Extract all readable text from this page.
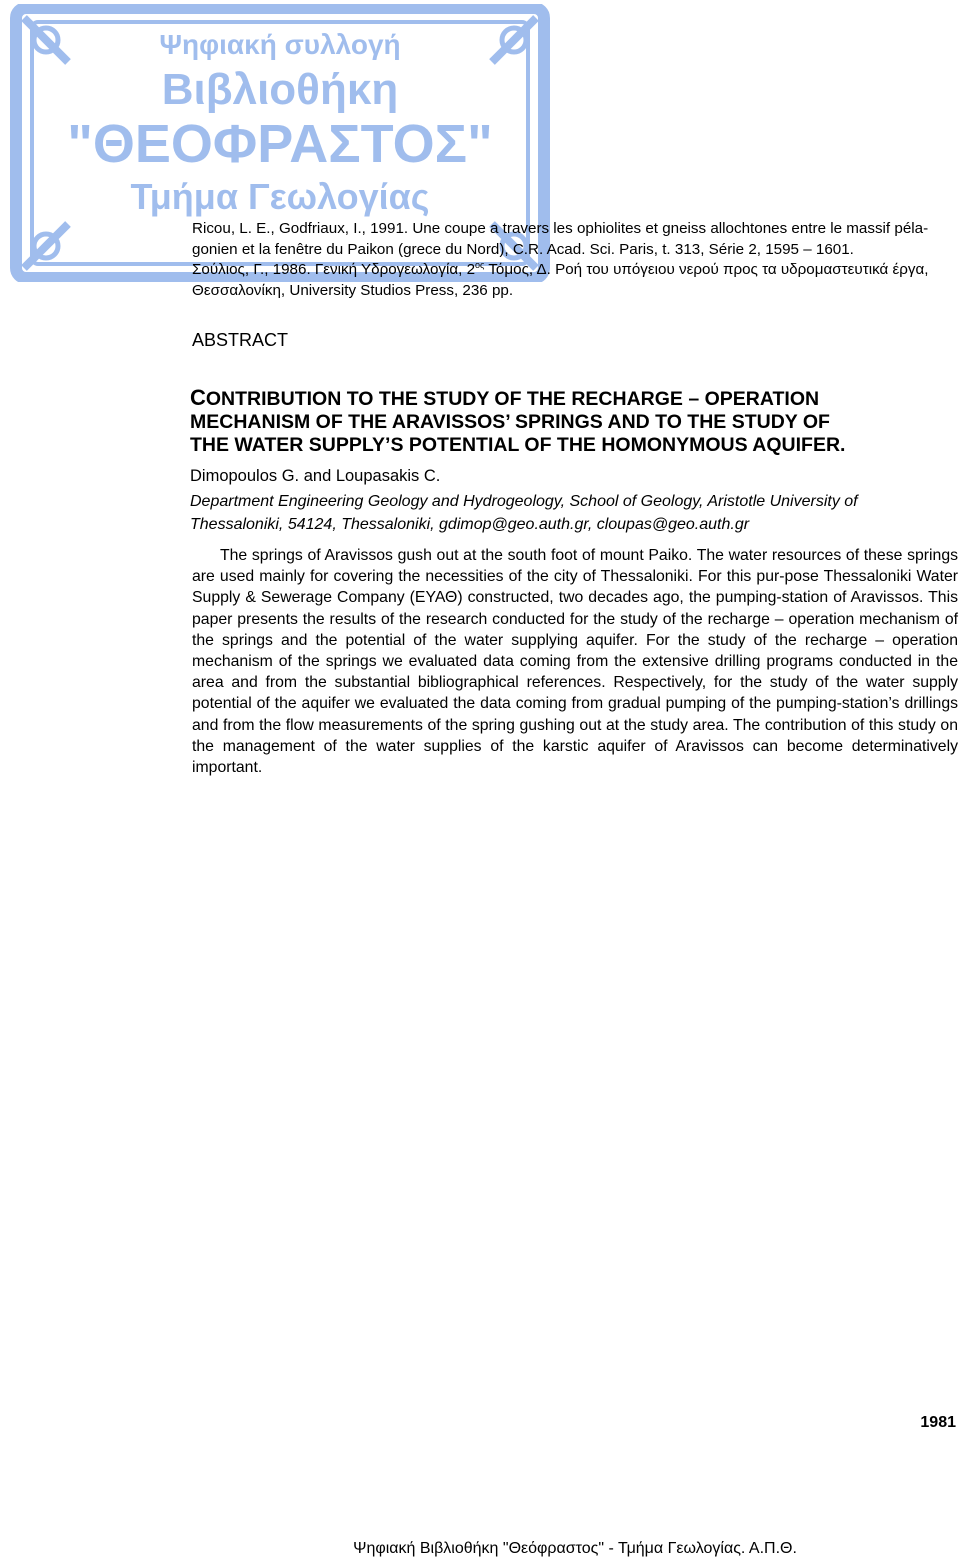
Ψηφιακή συλλογή
Βιβλιοθήκη
"ΘΕΟΦΡΑΣΤΟΣ"
Τμήμα Γεωλογίας
Ricou, L. E., Godfriaux, I., 1991. Une coupe a travers les ophiolites et gneiss allochtones entre le massif péla-
gonien et la fenêtre du Paikon (grece du Nord), C.R. Acad. Sci. Paris, t. 313, Série 2, 1595 – 1601.
Σούλιος, Γ., 1986. Γενική Υδρογεωλογία, $2^{o\varsigma}$ Τόμος, Δ. Ροή του υπόγειου νερού προς τα υδρομαστευτικά έργα,
Θεσσαλονίκη, University Studios Press, 236 pp.
ABSTRACT
CONTRIBUTION TO THE STUDY OF THE RECHARGE – OPERATION
MECHANISM OF THE ARAVISSOS’ SPRINGS AND TO THE STUDY OF
THE WATER SUPPLY’S POTENTIAL OF THE HOMONYMOUS AQUIFER.
Dimopoulos G. and Loupasakis C.
Department Engineering Geology and Hydrogeology, School of Geology, Aristotle University of
Thessaloniki, 54124, Thessaloniki, gdimop@geo.auth.gr, cloupas@geo.auth.gr

The springs of Aravissos gush out at the south foot of mount Paiko. The water resources of these springs are used mainly for covering the necessities of the city of Thessaloniki. For this pur-pose Thessaloniki Water Supply & Sewerage Company (ΕΥΑΘ) constructed, two decades ago, the pumping-station of Aravissos. This paper presents the results of the research conducted for the study of the recharge – operation mechanism of the springs and the potential of the water supplying aquifer. For the study of the recharge – operation mechanism of the springs we evaluated data coming from the extensive drilling programs conducted in the area and from the substantial bibliographical references. Respectively, for the study of the water supply potential of the aquifer we evaluated the data coming from gradual pumping of the pumping-station’s drillings and from the flow measurements of the spring gushing out at the study area. The contribution of this study on the management of the water supplies of the karstic aquifer of Aravissos can become determinatively important.

1981
Ψηφιακή Βιβλιοθήκη "Θεόφραστος" - Τμήμα Γεωλογίας. Α.Π.Θ.
